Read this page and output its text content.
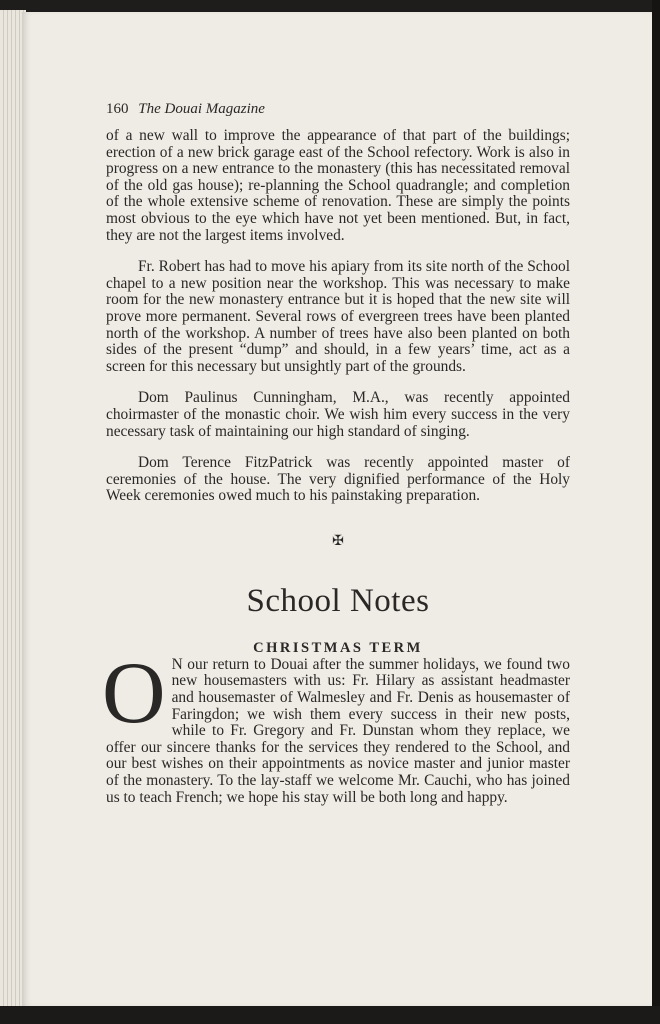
160 The Douai Magazine

of a new wall to improve the appearance of that part of the buildings; erection of a new brick garage east of the School refectory. Work is also in progress on a new entrance to the monastery (this has necessitated removal of the old gas house); re-planning the School quadrangle; and completion of the whole extensive scheme of renovation. These are simply the points most obvious to the eye which have not yet been mentioned. But, in fact, they are not the largest items involved.

Fr. Robert has had to move his apiary from its site north of the School chapel to a new position near the workshop. This was necessary to make room for the new monastery entrance but it is hoped that the new site will prove more permanent. Several rows of evergreen trees have been planted north of the workshop. A number of trees have also been planted on both sides of the present “dump” and should, in a few years’ time, act as a screen for this necessary but unsightly part of the grounds.

Dom Paulinus Cunningham, M.A., was recently appointed choirmaster of the monastic choir. We wish him every success in the very necessary task of maintaining our high standard of singing.

Dom Terence FitzPatrick was recently appointed master of ceremonies of the house. The very dignified performance of the Holy Week ceremonies owed much to his painstaking preparation.

✠
School Notes
CHRISTMAS TERM

O N our return to Douai after the summer holidays, we found two new housemasters with us: Fr. Hilary as assistant headmaster and housemaster of Walmesley and Fr. Denis as housemaster of Faringdon; we wish them every success in their new posts, while to Fr. Gregory and Fr. Dunstan whom they replace, we offer our sincere thanks for the services they rendered to the School, and our best wishes on their appointments as novice master and junior master of the monastery. To the lay-staff we welcome Mr. Cauchi, who has joined us to teach French; we hope his stay will be both long and happy.
